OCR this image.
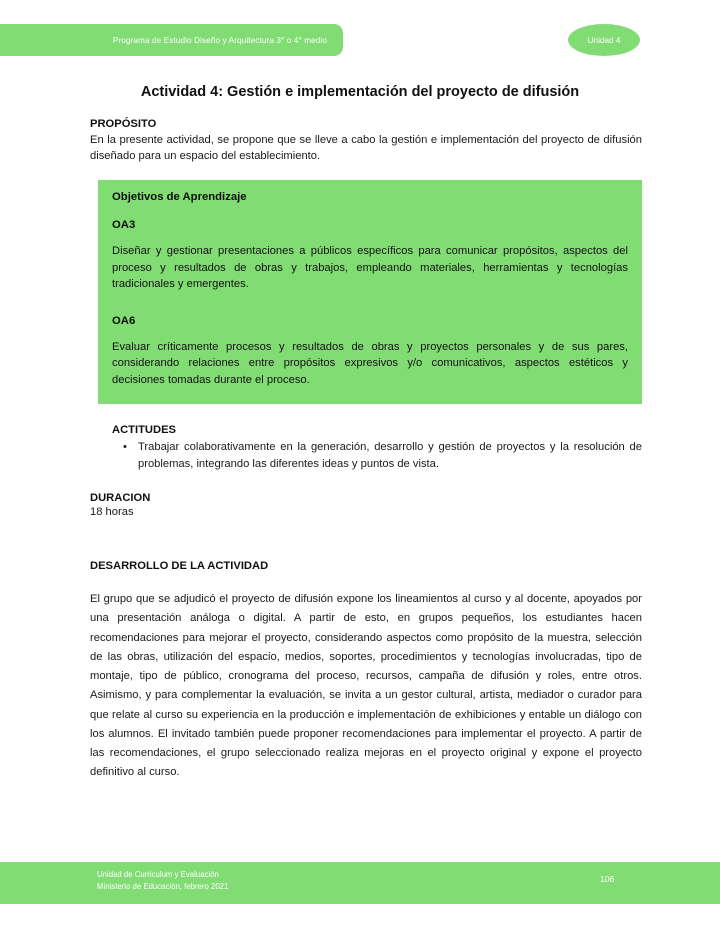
Programa de Estudio Diseño y Arquitectura 3° o 4° medio	Unidad 4
Actividad 4: Gestión e implementación del proyecto de difusión

PROPÓSITO

En la presente actividad, se propone que se lleve a cabo la gestión e implementación del proyecto de difusión diseñado para un espacio del establecimiento.

Objetivos de Aprendizaje

OA3

Diseñar y gestionar presentaciones a públicos específicos para comunicar propósitos, aspectos del proceso y resultados de obras y trabajos, empleando materiales, herramientas y tecnologías tradicionales y emergentes.

OA6

Evaluar críticamente procesos y resultados de obras y proyectos personales y de sus pares, considerando relaciones entre propósitos expresivos y/o comunicativos, aspectos estéticos y decisiones tomadas durante el proceso.

ACTITUDES

• Trabajar colaborativamente en la generación, desarrollo y gestión de proyectos y la resolución de problemas, integrando las diferentes ideas y puntos de vista.

DURACION

18 horas

DESARROLLO DE LA ACTIVIDAD

El grupo que se adjudicó el proyecto de difusión expone los lineamientos al curso y al docente, apoyados por una presentación análoga o digital. A partir de esto, en grupos pequeños, los estudiantes hacen recomendaciones para mejorar el proyecto, considerando aspectos como propósito de la muestra, selección de las obras, utilización del espacio, medios, soportes, procedimientos y tecnologías involucradas, tipo de montaje, tipo de público, cronograma del proceso, recursos, campaña de difusión y roles, entre otros. Asimismo, y para complementar la evaluación, se invita a un gestor cultural, artista, mediador o curador para que relate al curso su experiencia en la producción e implementación de exhibiciones y entable un diálogo con los alumnos. El invitado también puede proponer recomendaciones para implementar el proyecto. A partir de las recomendaciones, el grupo seleccionado realiza mejoras en el proyecto original y expone el proyecto definitivo al curso.

Unidad de Curriculum y Evaluación
Ministerio de Educación, febrero 2021
106
